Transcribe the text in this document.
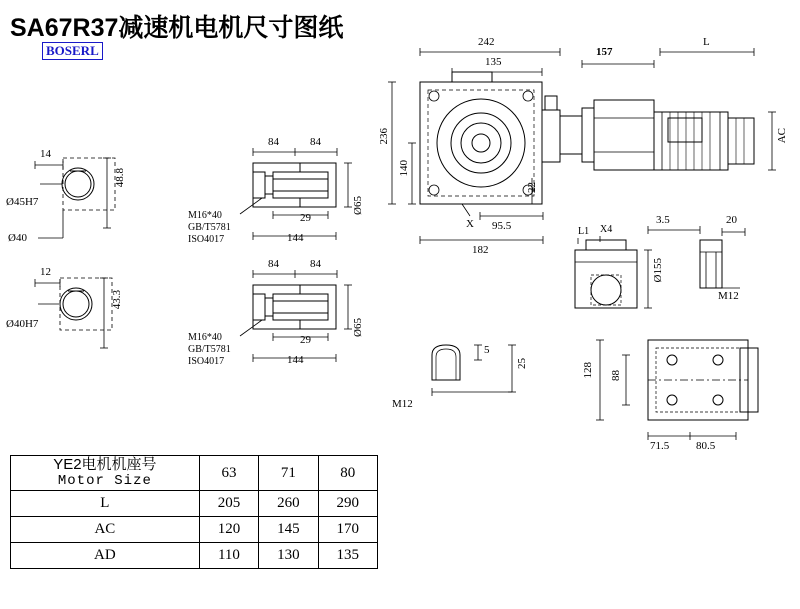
SA67R37减速机电机尺寸图纸
BOSERL
14
Ø45H7
48.8
Ø40
12
Ø40H7
43.3
84	84
29
144
Ø65
M16*40
GB/T5781
ISO4017
84	84
29
144
Ø65
M16*40
GB/T5781
ISO4017
242
135
157
L
236
140
22
95.5
182
X
AC
L1 X4
3.5
Ø155
20
M12
5
25
M12
128 88
71.5 80.5
YE2电机机座号
Motor Size	63	71	80
L	205	260	290
AC	120	145	170
AD	110	130	135
